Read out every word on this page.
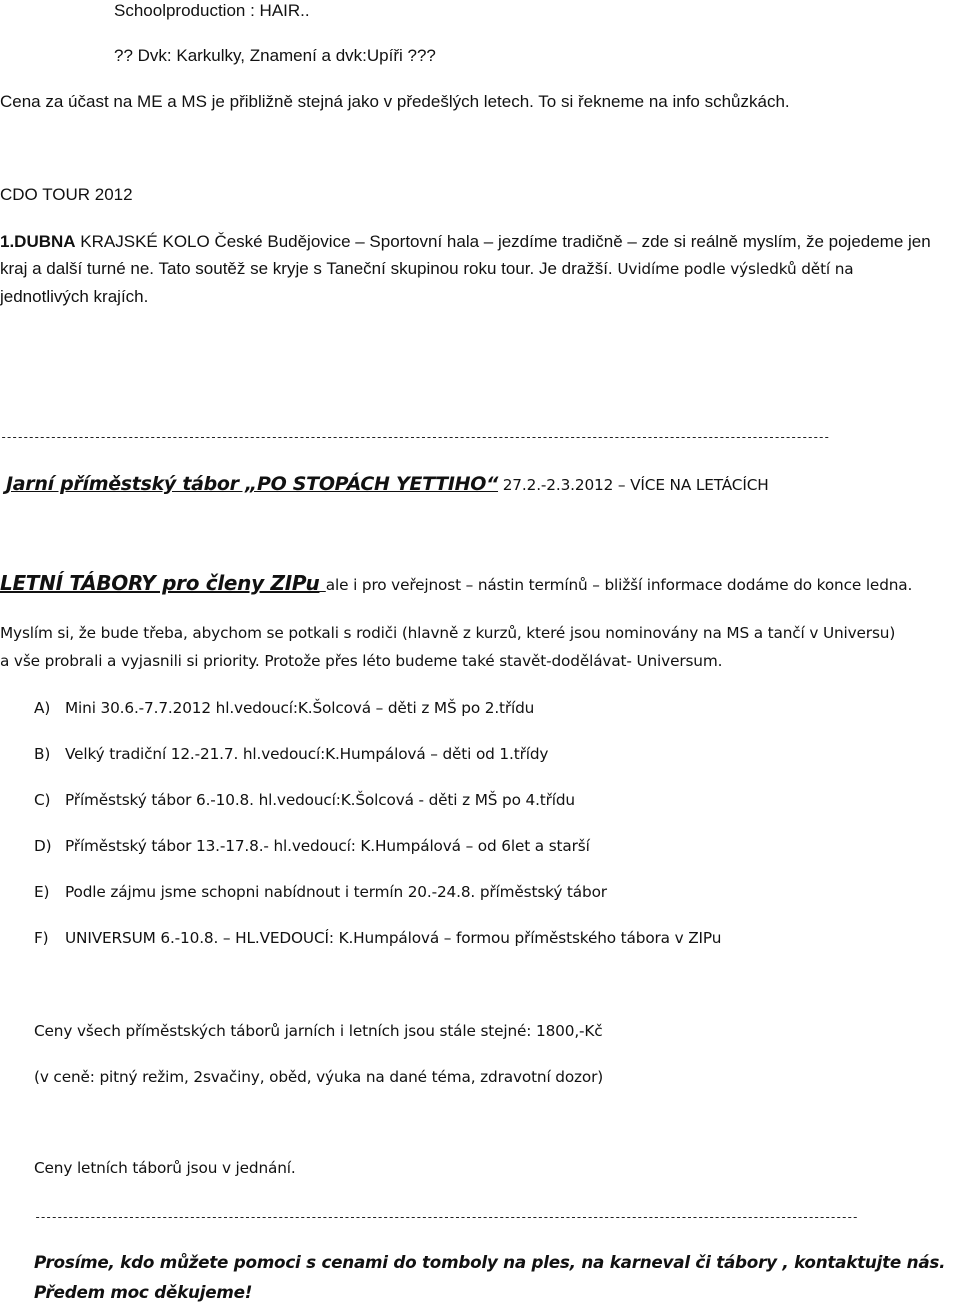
Schoolproduction : HAIR..

?? Dvk: Karkulky, Znamení a dvk:Upíři ???

Cena za účast na ME a MS je přibližně stejná jako v předešlých letech. To si řekneme na info schůzkách.

CDO TOUR 2012

1.DUBNA KRAJSKÉ KOLO České Budějovice – Sportovní hala – jezdíme tradičně – zde si reálně myslím, že pojedeme jen

kraj a další turné ne. Tato soutěž se kryje s Taneční skupinou roku tour. Je dražší. Uvidíme podle výsledků dětí na

jednotlivých krajích.

------------------------------------------------------------------------------------------------------------------------------------------------------

Jarní příměstský tábor „PO STOPÁCH YETTIHO“ 27.2.-2.3.2012 – VÍCE NA LETÁCÍCH

LETNÍ TÁBORY pro členy ZIPu ale i pro veřejnost – nástin termínů – bližší informace dodáme do konce ledna.

Myslím si, že bude třeba, abychom se potkali s rodiči (hlavně z kurzů, které jsou nominovány na MS a tančí v Universu)

a vše probrali a vyjasnili si priority. Protože přes léto budeme také stavět-dodělávat- Universum.

A) Mini 30.6.-7.7.2012 hl.vedoucí:K.Šolcová – děti z MŠ po 2.třídu

B) Velký tradiční 12.-21.7. hl.vedoucí:K.Humpálová – děti od 1.třídy

C) Příměstský tábor 6.-10.8. hl.vedoucí:K.Šolcová - děti z MŠ po 4.třídu

D) Příměstský tábor 13.-17.8.- hl.vedoucí: K.Humpálová – od 6let a starší

E) Podle zájmu jsme schopni nabídnout i termín 20.-24.8. příměstský tábor

F) UNIVERSUM 6.-10.8. – HL.VEDOUCÍ: K.Humpálová – formou příměstského tábora v ZIPu

Ceny všech příměstských táborů jarních i letních jsou stále stejné: 1800,-Kč

(v ceně: pitný režim, 2svačiny, oběd, výuka na dané téma, zdravotní dozor)

Ceny letních táborů jsou v jednání.

-----------------------------------------------------------------------------------------------------------------------------------------------------

Prosíme, kdo můžete pomoci s cenami do tomboly na ples, na karneval či tábory , kontaktujte nás.

Předem moc děkujeme!
